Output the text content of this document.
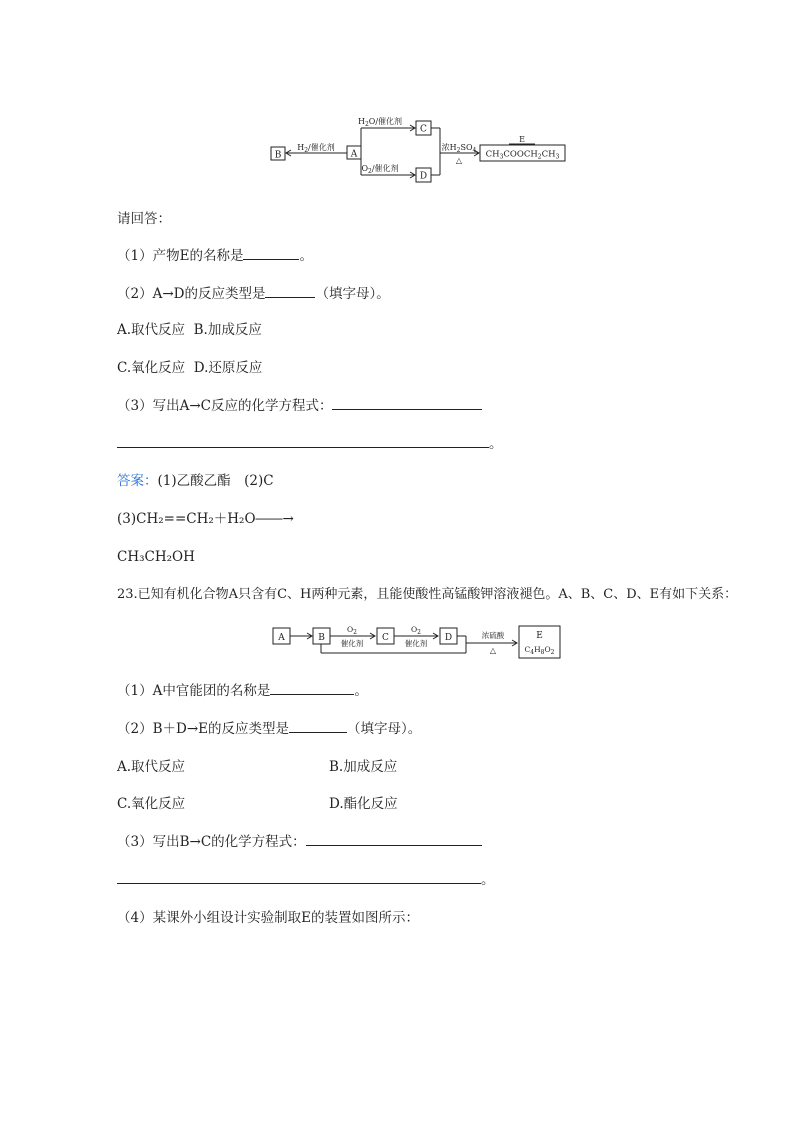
B	A
C
D
$CH_3COOCH_2CH_3$
$H_2/$催化剂
$H_2O/$催化剂
$O_2/$催化剂
浓$H_2SO_4$
△
E
请回答：
（1）产物E的名称是	。
（2）A→D的反应类型是	（填字母）。
A.取代反应 B.加成反应
C.氧化反应 D.还原反应
（3）写出A→C反应的化学方程式：
。
答案：(1)乙酸乙酯　(2)C
(3)CH₂==CH₂＋H₂O――→
CH₃CH₂OH
23.已知有机化合物A只含有C、H两种元素，且能使酸性高锰酸钾溶液褪色。A、B、C、D、E有如下关系：
A	B
$O_2$
催化剂
C
$O_2$
催化剂
D	浓硫酸
△
E
$C_4H_8O_2$
（1）A中官能团的名称是	。
（2）B＋D→E的反应类型是	（填字母）。
A.取代反应	B.加成反应
C.氧化反应	D.酯化反应
（3）写出B→C的化学方程式：
。
（4）某课外小组设计实验制取E的装置如图所示：
